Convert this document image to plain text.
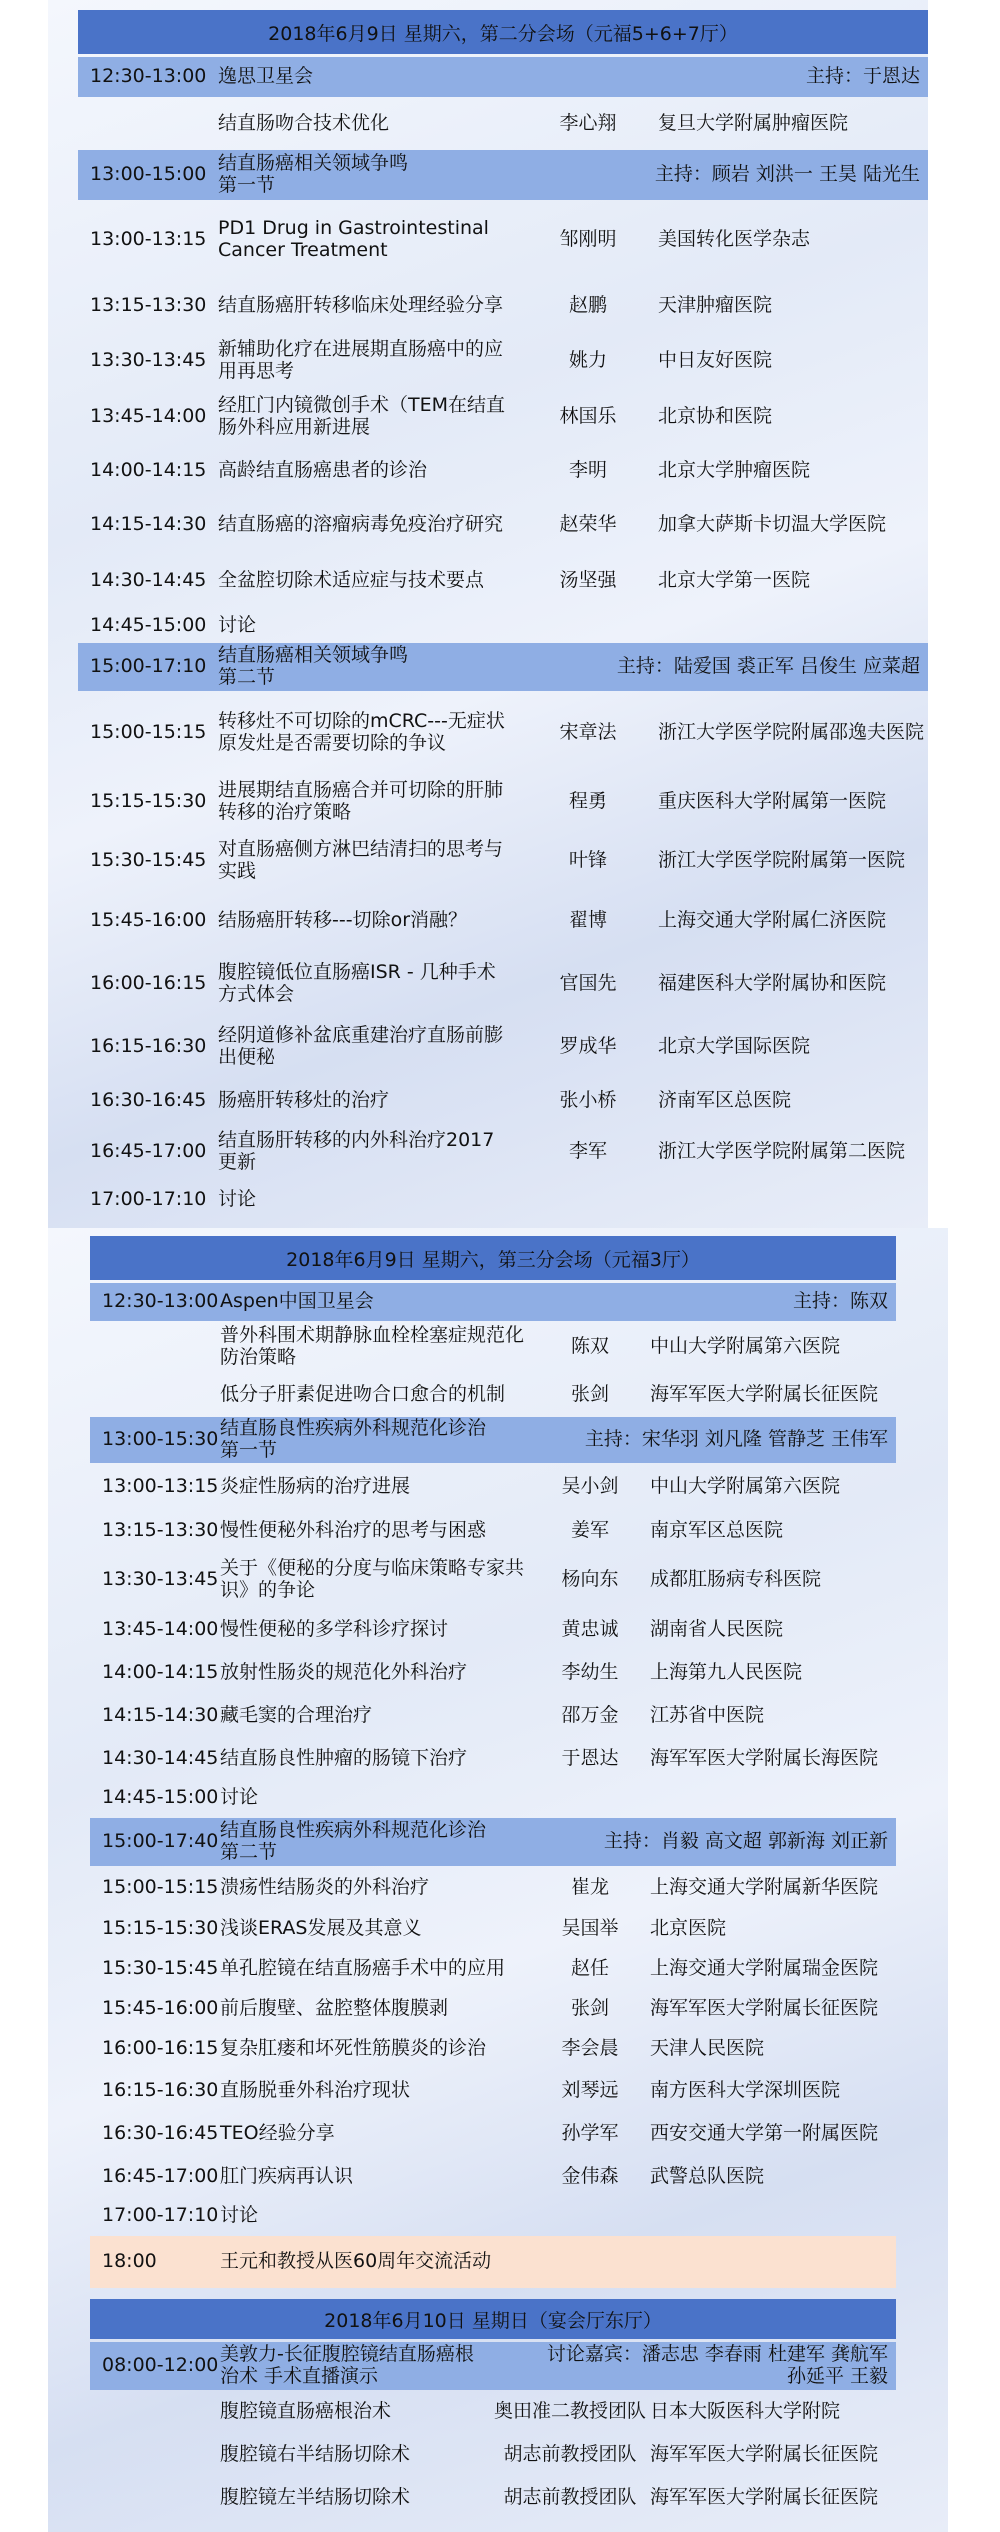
2018年6月9日 星期六，第二分会场（元福5+6+7厅）
12:30-13:00 逸思卫星会	主持：于恩达
结直肠吻合技术优化	李心翔	复旦大学附属肿瘤医院
13:00-15:00 结直肠癌相关领域争鸣
第一节	主持：顾岩 刘洪一 王昊 陆光生
13:00-13:15 PD1 Drug in Gastrointestinal Cancer Treatment	邹刚明	美国转化医学杂志
13:15-13:30 结直肠癌肝转移临床处理经验分享	赵鹏	天津肿瘤医院
13:30-13:45 新辅助化疗在进展期直肠癌中的应用再思考	姚力	中日友好医院
13:45-14:00 经肛门内镜微创手术（TEM在结直肠外科应用新进展	林国乐	北京协和医院
14:00-14:15 高龄结直肠癌患者的诊治	李明	北京大学肿瘤医院
14:15-14:30 结直肠癌的溶瘤病毒免疫治疗研究	赵荣华	加拿大萨斯卡切温大学医院
14:30-14:45 全盆腔切除术适应症与技术要点	汤坚强	北京大学第一医院
14:45-15:00 讨论
15:00-17:10 结直肠癌相关领域争鸣
第二节	主持：陆爱国 裘正军 吕俊生 应菜超
15:00-15:15 转移灶不可切除的mCRC---无症状原发灶是否需要切除的争议	宋章法	浙江大学医学院附属邵逸夫医院
15:15-15:30 进展期结直肠癌合并可切除的肝肺转移的治疗策略	程勇	重庆医科大学附属第一医院
15:30-15:45 对直肠癌侧方淋巴结清扫的思考与实践	叶锋	浙江大学医学院附属第一医院
15:45-16:00 结肠癌肝转移---切除or消融？	翟博	上海交通大学附属仁济医院
16:00-16:15 腹腔镜低位直肠癌ISR - 几种手术方式体会	官国先	福建医科大学附属协和医院
16:15-16:30 经阴道修补盆底重建治疗直肠前膨出便秘	罗成华	北京大学国际医院
16:30-16:45 肠癌肝转移灶的治疗	张小桥	济南军区总医院
16:45-17:00 结直肠肝转移的内外科治疗2017更新	李军	浙江大学医学院附属第二医院
17:00-17:10 讨论
2018年6月9日 星期六，第三分会场（元福3厅）
12:30-13:00 Aspen中国卫星会	主持：陈双
普外科围术期静脉血栓栓塞症规范化防治策略	陈双	中山大学附属第六医院
低分子肝素促进吻合口愈合的机制	张剑	海军军医大学附属长征医院
13:00-15:30 结直肠良性疾病外科规范化诊治
第一节	主持：宋华羽 刘凡隆 管静芝 王伟军
13:00-13:15 炎症性肠病的治疗进展	吴小剑	中山大学附属第六医院
13:15-13:30 慢性便秘外科治疗的思考与困惑	姜军	南京军区总医院
13:30-13:45 关于《便秘的分度与临床策略专家共识》的争论	杨向东	成都肛肠病专科医院
13:45-14:00 慢性便秘的多学科诊疗探讨	黄忠诚	湖南省人民医院
14:00-14:15 放射性肠炎的规范化外科治疗	李幼生	上海第九人民医院
14:15-14:30 藏毛窦的合理治疗	邵万金	江苏省中医院
14:30-14:45 结直肠良性肿瘤的肠镜下治疗	于恩达	海军军医大学附属长海医院
14:45-15:00 讨论
15:00-17:40 结直肠良性疾病外科规范化诊治
第二节	主持：肖毅 高文超 郭新海 刘正新
15:00-15:15 溃疡性结肠炎的外科治疗	崔龙	上海交通大学附属新华医院
15:15-15:30 浅谈ERAS发展及其意义	吴国举	北京医院
15:30-15:45 单孔腔镜在结直肠癌手术中的应用	赵任	上海交通大学附属瑞金医院
15:45-16:00 前后腹壁、盆腔整体腹膜剥	张剑	海军军医大学附属长征医院
16:00-16:15 复杂肛瘘和坏死性筋膜炎的诊治	李会晨	天津人民医院
16:15-16:30 直肠脱垂外科治疗现状	刘琴远	南方医科大学深圳医院
16:30-16:45 TEO经验分享	孙学军	西安交通大学第一附属医院
16:45-17:00 肛门疾病再认识	金伟森	武警总队医院
17:00-17:10 讨论
18:00	王元和教授从医60周年交流活动
2018年6月10日 星期日（宴会厅东厅）
08:00-12:00 美敦力-长征腹腔镜结直肠癌根治术 手术直播演示
讨论嘉宾：潘志忠 李春雨 杜建军 龚航军
孙延平 王毅
腹腔镜直肠癌根治术	奥田准二教授团队 日本大阪医科大学附院
腹腔镜右半结肠切除术	胡志前教授团队 海军军医大学附属长征医院
腹腔镜左半结肠切除术	胡志前教授团队 海军军医大学附属长征医院
